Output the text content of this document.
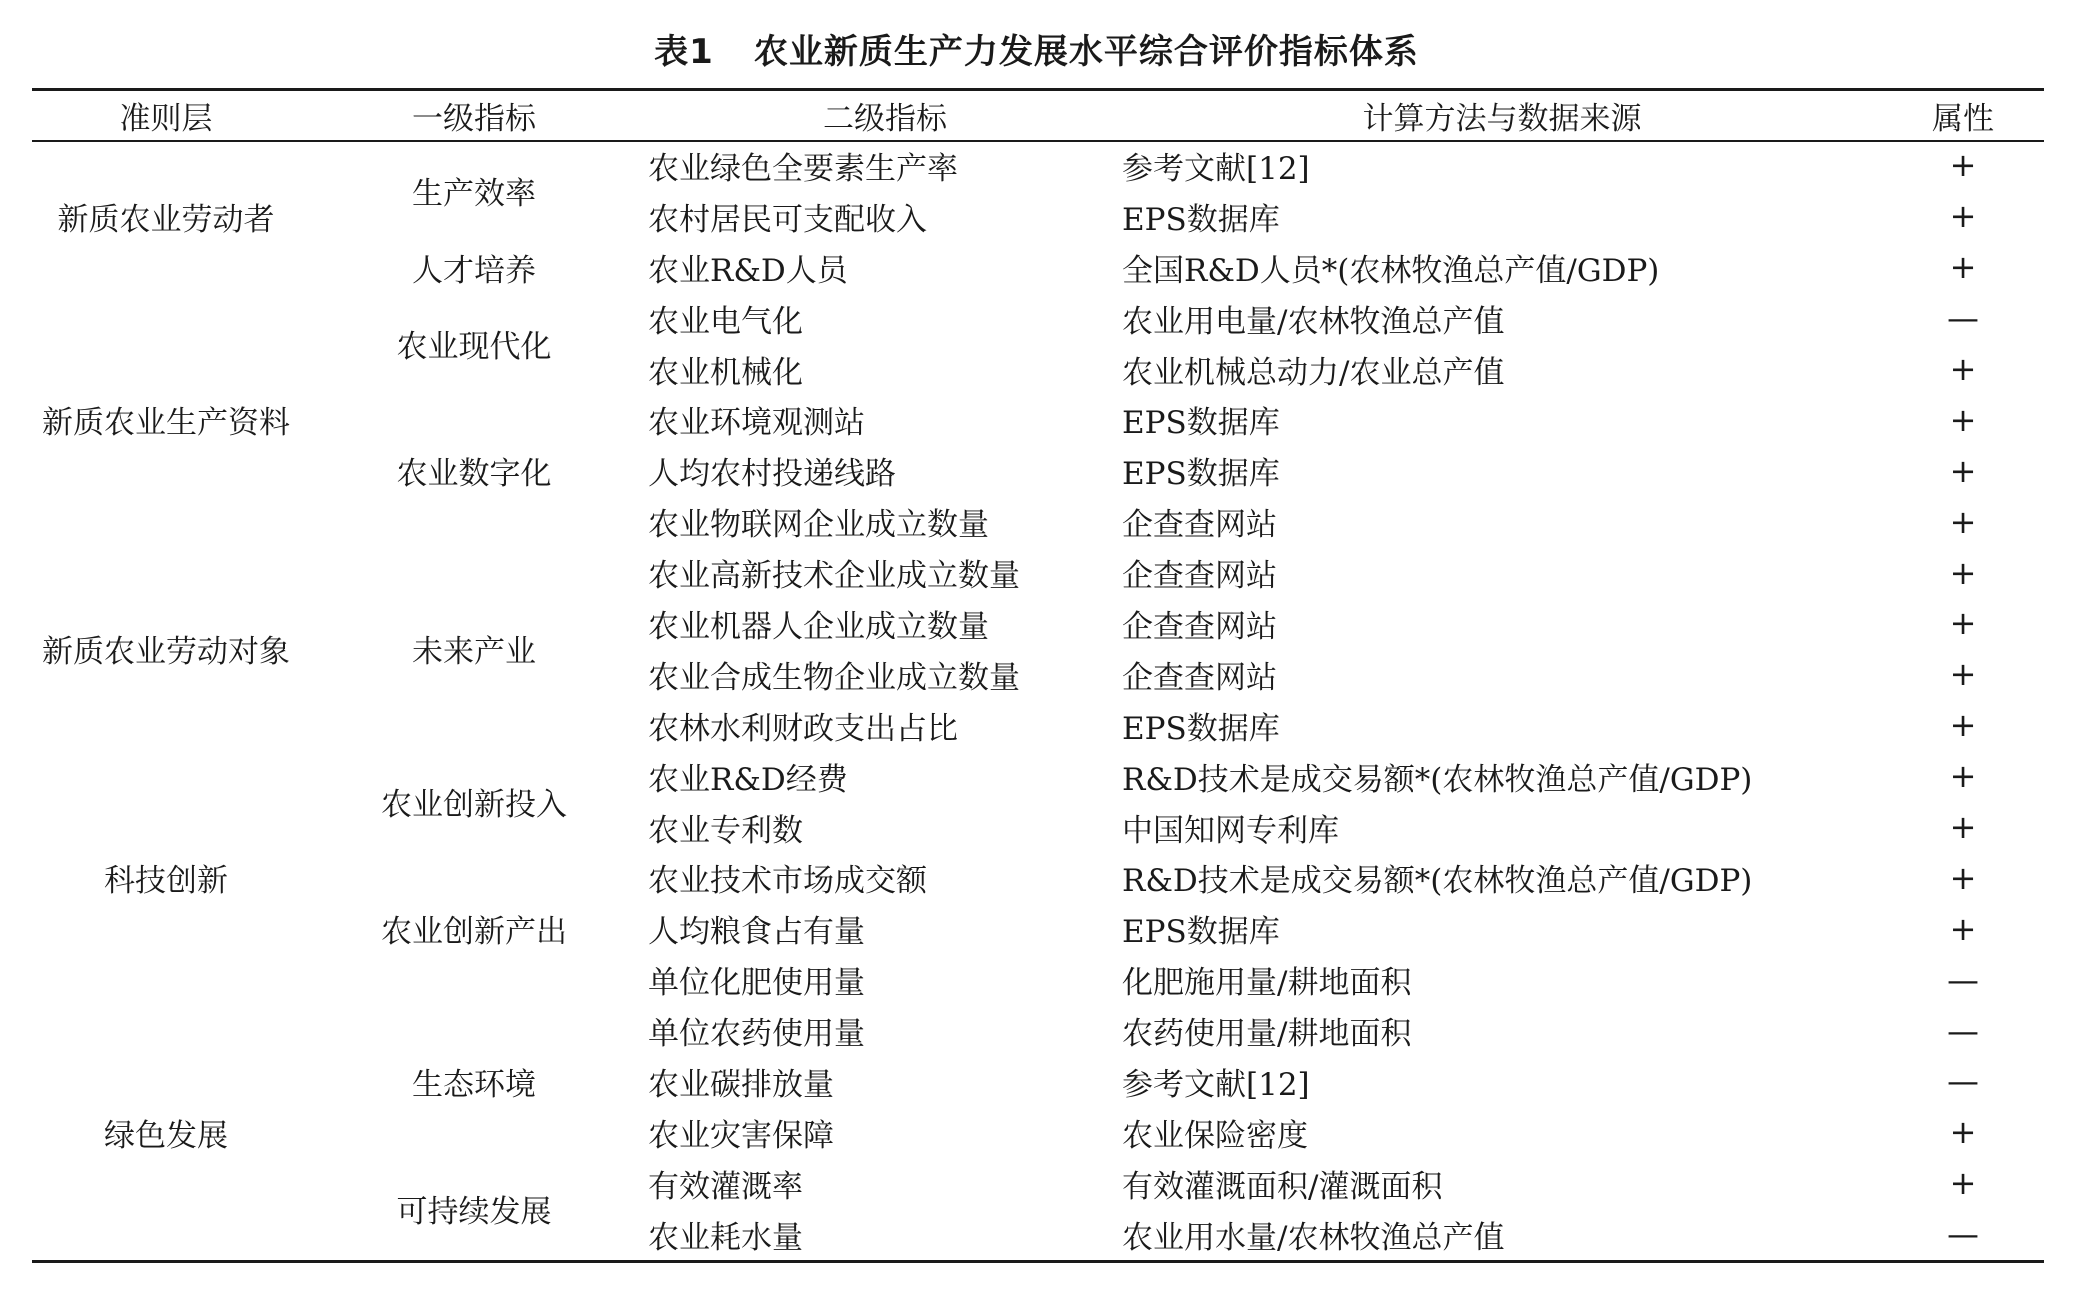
表1 农业新质生产力发展水平综合评价指标体系
准则层	一级指标	二级指标	计算方法与数据来源	属性
新质农业劳动者	生产效率	农业绿色全要素生产率	参考文献[12]	+
		农村居民可支配收入	EPS数据库	+
	人才培养	农业R&D人员	全国R&D人员*(农林牧渔总产值/GDP)	+
新质农业生产资料	农业现代化	农业电气化	农业用电量/农林牧渔总产值	—
		农业机械化	农业机械总动力/农业总产值	+
	农业数字化	农业环境观测站	EPS数据库	+
		人均农村投递线路	EPS数据库	+
		农业物联网企业成立数量	企查查网站	+
新质农业劳动对象	未来产业	农业高新技术企业成立数量	企查查网站	+
		农业机器人企业成立数量	企查查网站	+
		农业合成生物企业成立数量	企查查网站	+
		农林水利财政支出占比	EPS数据库	+
科技创新	农业创新投入	农业R&D经费	R&D技术是成交易额*(农林牧渔总产值/GDP)	+
		农业专利数	中国知网专利库	+
	农业创新产出	农业技术市场成交额	R&D技术是成交易额*(农林牧渔总产值/GDP)	+
		人均粮食占有量	EPS数据库	+
		单位化肥使用量	化肥施用量/耕地面积	—
绿色发展	生态环境	单位农药使用量	农药使用量/耕地面积	—
		农业碳排放量	参考文献[12]	—
		农业灾害保障	农业保险密度	+
	可持续发展	有效灌溉率	有效灌溉面积/灌溉面积	+
		农业耗水量	农业用水量/农林牧渔总产值	—
